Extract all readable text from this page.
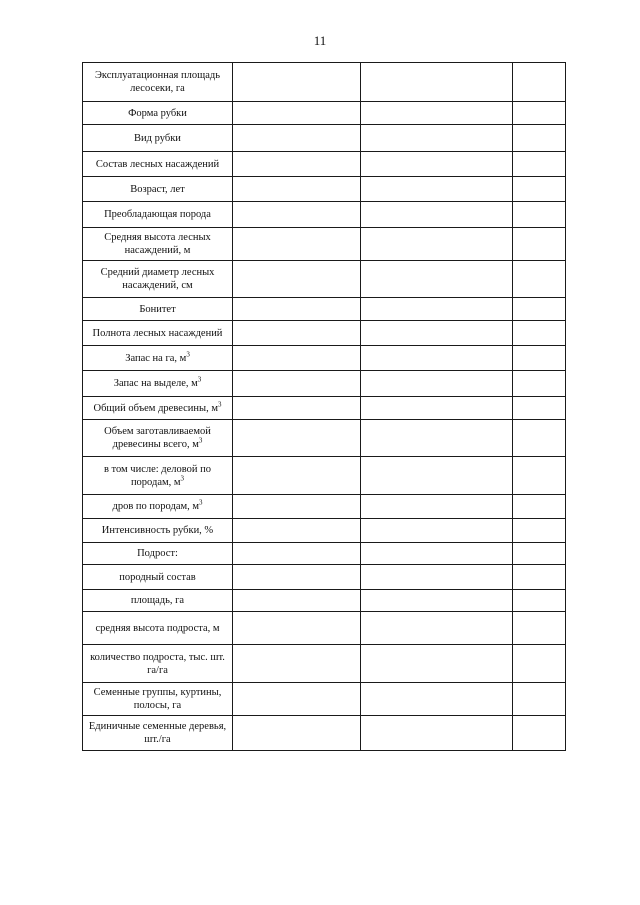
11
Эксплуатационная площадь лесосеки, га			
Форма рубки			
Вид рубки			
Состав лесных насаждений			
Возраст, лет			
Преобладающая порода			
Средняя высота лесных насаждений, м			
Средний диаметр лесных насаждений, см			
Бонитет			
Полнота лесных насаждений			
Запас на га, $м^3$			
Запас на выделе, $м^3$			
Общий объем древесины, $м^3$			
Объем заготавливаемой древесины всего, $м^3$			
в том числе: деловой по породам, $м^3$			
дров по породам, $м^3$			
Интенсивность рубки, %			
Подрост:			
породный состав			
площадь, га			
средняя высота подроста, м			
количество подроста, тыс. шт. га/га			
Семенные группы, куртины, полосы, га			
Единичные семенные деревья, шт./га			
